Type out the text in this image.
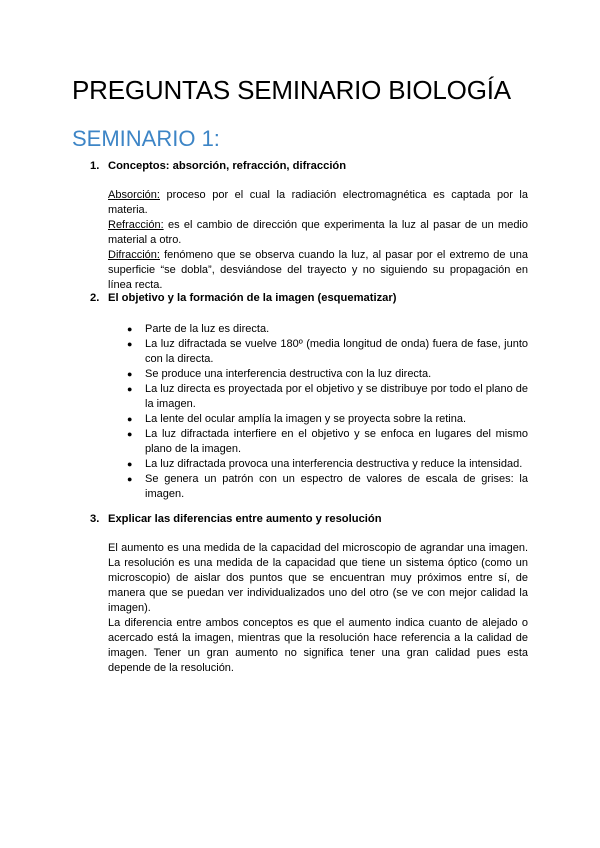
PREGUNTAS SEMINARIO BIOLOGÍA
SEMINARIO 1:
1. Conceptos: absorción, refracción, difracción

Absorción: proceso por el cual la radiación electromagnética es captada por la materia.

Refracción: es el cambio de dirección que experimenta la luz al pasar de un medio material a otro.

Difracción: fenómeno que se observa cuando la luz, al pasar por el extremo de una superficie “se dobla”, desviándose del trayecto y no siguiendo su propagación en línea recta.

2. El objetivo y la formación de la imagen (esquematizar)
● Parte de la luz es directa.
● La luz difractada se vuelve 180º (media longitud de onda) fuera de fase, junto con la directa.
● Se produce una interferencia destructiva con la luz directa.
● La luz directa es proyectada por el objetivo y se distribuye por todo el plano de la imagen.
● La lente del ocular amplía la imagen y se proyecta sobre la retina.
● La luz difractada interfiere en el objetivo y se enfoca en lugares del mismo plano de la imagen.
● La luz difractada provoca una interferencia destructiva y reduce la intensidad.
● Se genera un patrón con un espectro de valores de escala de grises: la imagen.
3. Explicar las diferencias entre aumento y resolución

El aumento es una medida de la capacidad del microscopio de agrandar una imagen. La resolución es una medida de la capacidad que tiene un sistema óptico (como un microscopio) de aislar dos puntos que se encuentran muy próximos entre sí, de manera que se puedan ver individualizados uno del otro (se ve con mejor calidad la imagen).

La diferencia entre ambos conceptos es que el aumento indica cuanto de alejado o acercado está la imagen, mientras que la resolución hace referencia a la calidad de imagen. Tener un gran aumento no significa tener una gran calidad pues esta depende de la resolución.
